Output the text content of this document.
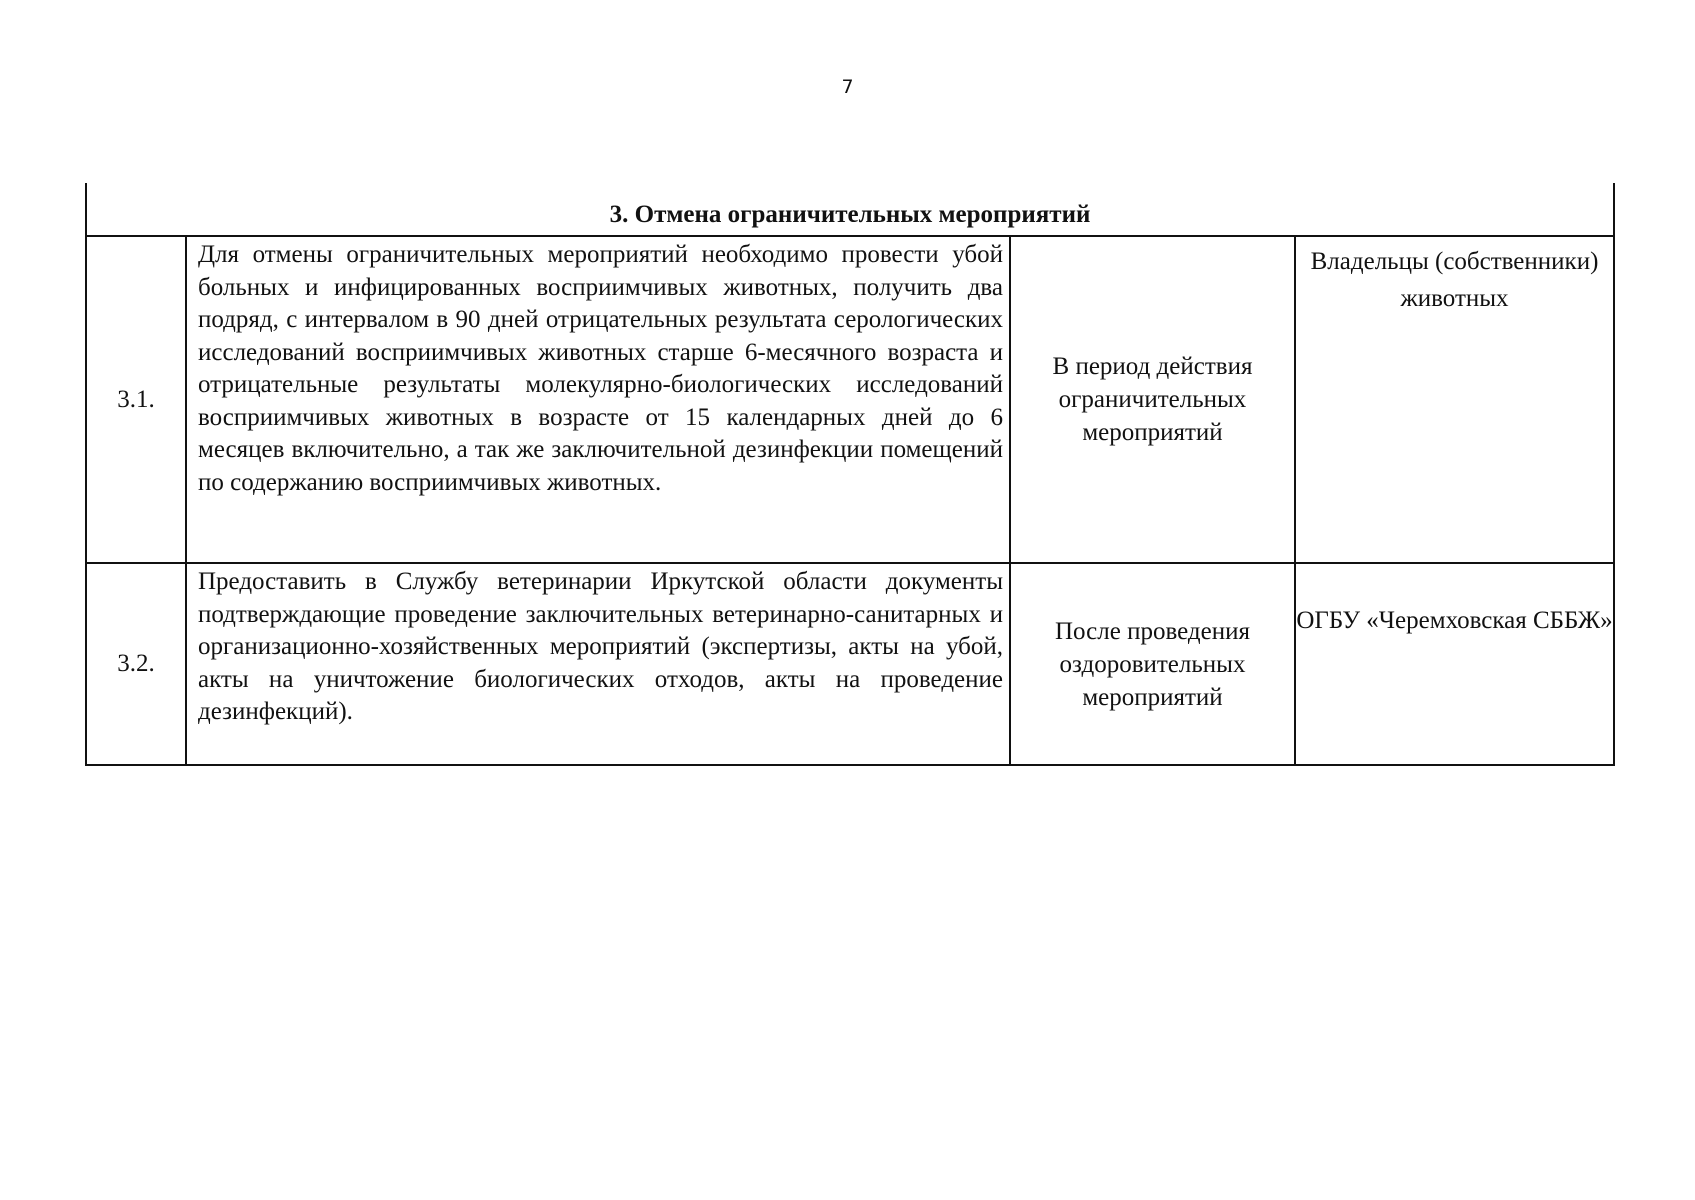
7
3. Отмена ограничительных мероприятий			
3.1.	Для отмены ограничительных мероприятий необходимо провести убой больных и инфицированных восприимчивых животных, получить два подряд, с интервалом в 90 дней отрицательных результата серологических исследований восприимчивых животных старше 6-месячного возраста и отрицательные результаты молекулярно-биологических исследований восприимчивых животных в возрасте от 15 календарных дней до 6 месяцев включительно, а так же заключительной дезинфекции помещений по содержанию восприимчивых животных.	В период действия ограничительных мероприятий	Владельцы (собственники) животных
3.2.	Предоставить в Службу ветеринарии Иркутской области документы подтверждающие проведение заключительных ветеринарно-санитарных и организационно-хозяйственных мероприятий (экспертизы, акты на убой, акты на уничтожение биологических отходов, акты на проведение дезинфекций).	После проведения оздоровительных мероприятий	ОГБУ «Черемховская СББЖ»
